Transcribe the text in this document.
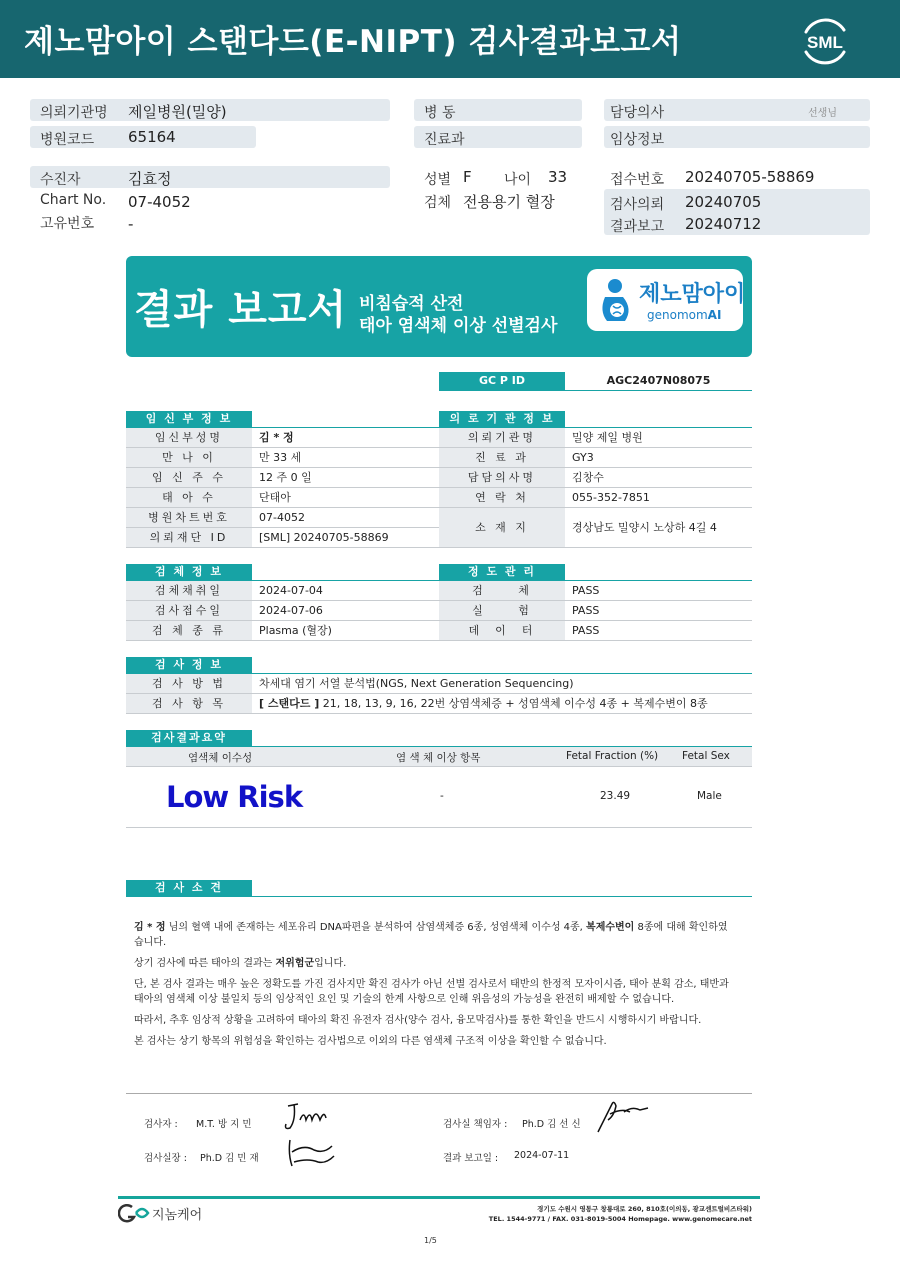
제노맘아이 스탠다드(E-NIPT) 검사결과보고서	SML
의뢰기관명 제일병원(밀양)
병원코드 65164
병 동
진료과
담당의사	선생님
임상정보
수진자	김효정
Chart No. 07-4052
고유번호 -
성별 F 나이 33
검체 전용용기 혈장
접수번호 20240705-58869
검사의뢰 20240705
결과보고 20240712
결과 보고서 비침습적 산전
태아 염색체 이상 선별검사
제노맘아이
genomomAI
GC P ID	AGC2407N08075
임 신 부 정 보
임신부성명	김 * 정
만 나 이	만 33 세
임 신 주 수	12 주 0 일
태 아 수	단태아
병원차트번호	07-4052
의뢰재단 ID	[SML] 20240705-58869
의 로 기 관 정 보
의뢰기관명	밀양 제일 병원
진 료 과	GY3
담담의사명	김창수
연 락 처	055-352-7851
소 재 지	경상남도 밀양시 노상하 4길 4
검 체 정 보
검체채취일	2024-07-04
검사접수일	2024-07-06
검 체 종 류	Plasma (혈장)
정 도 관 리
검     체	PASS
실     험	PASS
데  이  터	PASS
검 사 정 보
검 사 방 법	차세대 염기 서열 분석법(NGS, Next Generation Sequencing)
검 사 항 목	[ 스탠다드 ] 21, 18, 13, 9, 16, 22번 상염색체증 + 성염색체 이수성 4종 + 복제수변이 8종
검사결과요약
염색체 이수성	염 색 체 이상 항목	Fetal Fraction (%) Fetal Sex
Low Risk	-	23.49	Male
검 사 소 견
김 * 정 님의 혈액 내에 존재하는 세포유리 DNA파편을 분석하여 삼염색체증 6종, 성염색체 이수성 4종, 복제수변이 8종에 대해 확인하였
습니다.
상기 검사에 따른 태아의 결과는 저위험군입니다.
단, 본 검사 결과는 매우 높은 정확도를 가진 검사지만 확진 검사가 아닌 선별 검사로서 태반의 한정적 모자이시즘, 태아 분획 감소, 태반과
태아의 염색체 이상 불일치 등의 임상적인 요인 및 기술의 한계 사항으로 인해 위음성의 가능성을 완전히 배제할 수 없습니다.
따라서, 추후 임상적 상황을 고려하여 태아의 확진 유전자 검사(양수 검사, 융모막검사)를 통한 확인을 반드시 시행하시기 바랍니다.
본 검사는 상기 항목의 위험성을 확인하는 검사법으로 이외의 다른 염색체 구조적 이상을 확인할 수 없습니다.
검사자 : M.T. 방 지 민
검사실장 : Ph.D 김 민 재
검사실 책임자 : Ph.D 김 선 신
결과 보고일 : 2024-07-11
지놈케어	경기도 수원시 영통구 창룡대로 260, 810호(이의동, 광교센트럴비즈타워)
TEL. 1544-9771 / FAX. 031-8019-5004 Homepage. www.genomecare.net
1/5
